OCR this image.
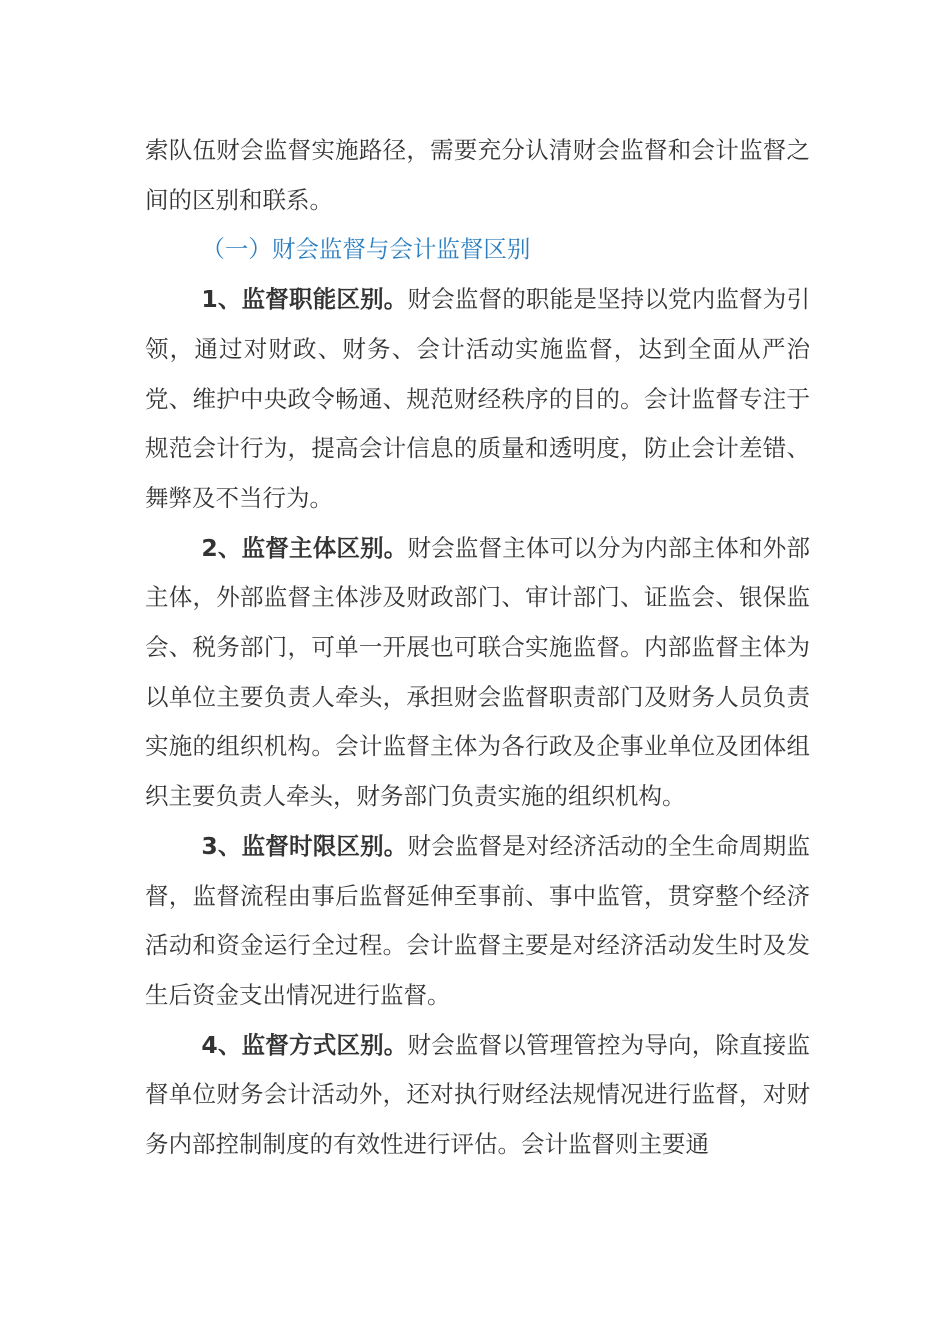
索队伍财会监督实施路径，需要充分认清财会监督和会计监督之间的区别和联系。

（一）财会监督与会计监督区别

1、监督职能区别。财会监督的职能是坚持以党内监督为引领，通过对财政、财务、会计活动实施监督，达到全面从严治党、维护中央政令畅通、规范财经秩序的目的。会计监督专注于规范会计行为，提高会计信息的质量和透明度，防止会计差错、舞弊及不当行为。

2、监督主体区别。财会监督主体可以分为内部主体和外部主体，外部监督主体涉及财政部门、审计部门、证监会、银保监会、税务部门，可单一开展也可联合实施监督。内部监督主体为以单位主要负责人牵头，承担财会监督职责部门及财务人员负责实施的组织机构。会计监督主体为各行政及企事业单位及团体组织主要负责人牵头，财务部门负责实施的组织机构。

3、监督时限区别。财会监督是对经济活动的全生命周期监督，监督流程由事后监督延伸至事前、事中监管，贯穿整个经济活动和资金运行全过程。会计监督主要是对经济活动发生时及发生后资金支出情况进行监督。

4、监督方式区别。财会监督以管理管控为导向，除直接监督单位财务会计活动外，还对执行财经法规情况进行监督，对财务内部控制制度的有效性进行评估。会计监督则主要通
